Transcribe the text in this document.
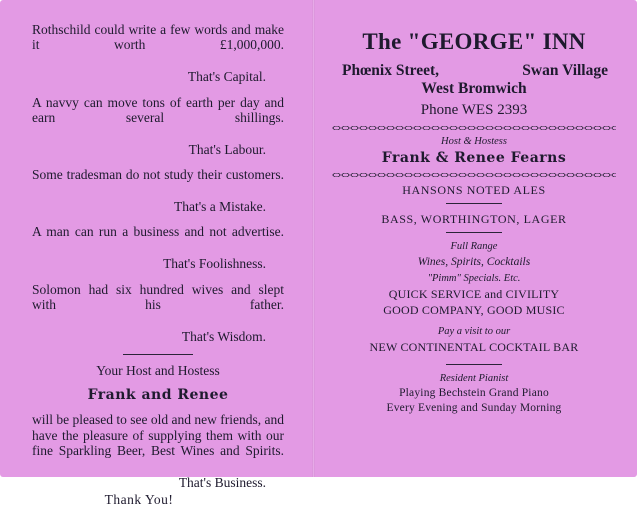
Rothschild could write a few words and make it worth £1,000,000.

That's Capital.

A navvy can move tons of earth per day and earn several shillings.

That's Labour.

Some tradesman do not study their customers.

That's a Mistake.

A man can run a business and not advertise.

That's Foolishness.

Solomon had six hundred wives and slept with his father.

That's Wisdom.

Your Host and Hostess

Frank and Renee

will be pleased to see old and new friends, and have the pleasure of supplying them with our fine Sparkling Beer, Best Wines and Spirits.

That's Business.

Thank You!

The "GEORGE" INN

Phœnix Street,	Swan Village

West Bromwich

Phone WES 2393

Host & Hostess

Frank & Renee Fearns

HANSONS NOTED ALES

BASS, WORTHINGTON, LAGER

Full Range

Wines, Spirits, Cocktails

"Pimm" Specials. Etc.

QUICK SERVICE and CIVILITY

GOOD COMPANY, GOOD MUSIC

Pay a visit to our

NEW CONTINENTAL COCKTAIL BAR

Resident Pianist

Playing Bechstein Grand Piano

Every Evening and Sunday Morning
